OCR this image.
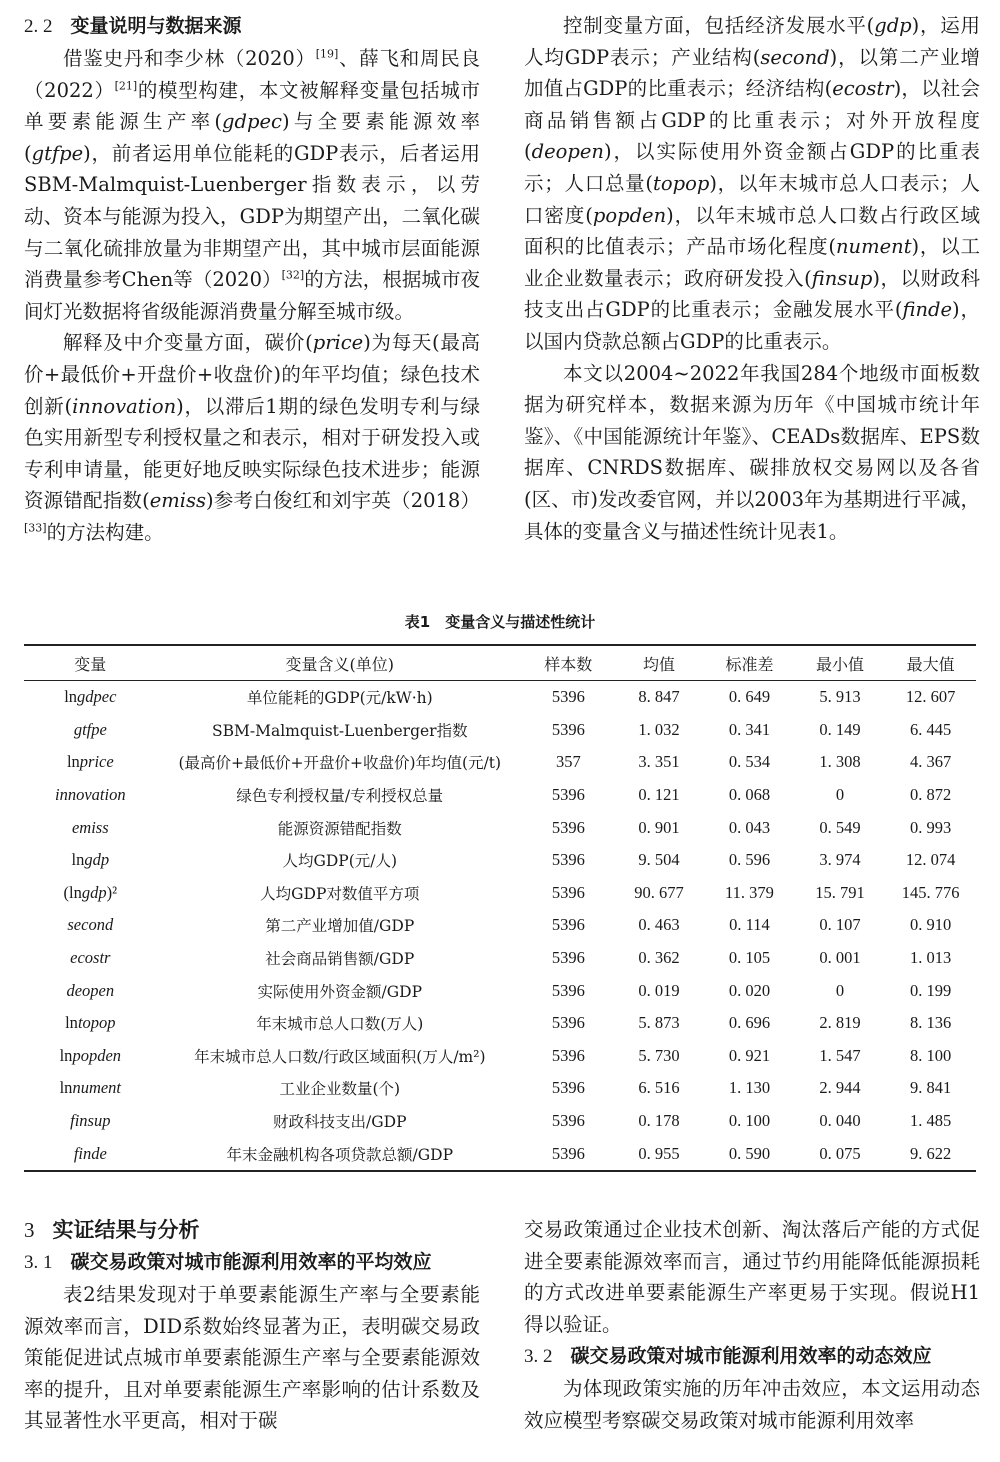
2. 2 变量说明与数据来源

借鉴史丹和李少林（2020）[19]、薛飞和周民良（2022）[21]的模型构建，本文被解释变量包括城市单要素能源生产率(gdpec)与全要素能源效率(gtfpe)，前者运用单位能耗的GDP表示，后者运用SBM-Malmquist-Luenberger指数表示，以劳动、资本与能源为投入，GDP为期望产出，二氧化碳与二氧化硫排放量为非期望产出，其中城市层面能源消费量参考Chen等（2020）[32]的方法，根据城市夜间灯光数据将省级能源消费量分解至城市级。

解释及中介变量方面，碳价(price)为每天(最高价+最低价+开盘价+收盘价)的年平均值；绿色技术创新(innovation)，以滞后1期的绿色发明专利与绿色实用新型专利授权量之和表示，相对于研发投入或专利申请量，能更好地反映实际绿色技术进步；能源资源错配指数(emiss)参考白俊红和刘宇英（2018）[33]的方法构建。

控制变量方面，包括经济发展水平(gdp)，运用人均GDP表示；产业结构(second)，以第二产业增加值占GDP的比重表示；经济结构(ecostr)，以社会商品销售额占GDP的比重表示；对外开放程度(deopen)，以实际使用外资金额占GDP的比重表示；人口总量(topop)，以年末城市总人口表示；人口密度(popden)，以年末城市总人口数占行政区域面积的比值表示；产品市场化程度(nument)，以工业企业数量表示；政府研发投入(finsup)，以财政科技支出占GDP的比重表示；金融发展水平(finde)，以国内贷款总额占GDP的比重表示。

本文以2004~2022年我国284个地级市面板数据为研究样本，数据来源为历年《中国城市统计年鉴》、《中国能源统计年鉴》、CEADs数据库、EPS数据库、CNRDS数据库、碳排放权交易网以及各省(区、市)发改委官网，并以2003年为基期进行平减，具体的变量含义与描述性统计见表1。

表1　变量含义与描述性统计
变量	变量含义(单位)	样本数	均值	标准差	最小值	最大值
lngdpec	单位能耗的GDP(元/kW·h)	5396	8. 847	0. 649	5. 913	12. 607
gtfpe	SBM-Malmquist-Luenberger指数	5396	1. 032	0. 341	0. 149	6. 445
lnprice	(最高价+最低价+开盘价+收盘价)年均值(元/t)	357	3. 351	0. 534	1. 308	4. 367
innovation	绿色专利授权量/专利授权总量	5396	0. 121	0. 068	0	0. 872
emiss	能源资源错配指数	5396	0. 901	0. 043	0. 549	0. 993
lngdp	人均GDP(元/人)	5396	9. 504	0. 596	3. 974	12. 074
(lngdp)²	人均GDP对数值平方项	5396	90. 677	11. 379	15. 791	145. 776
second	第二产业增加值/GDP	5396	0. 463	0. 114	0. 107	0. 910
ecostr	社会商品销售额/GDP	5396	0. 362	0. 105	0. 001	1. 013
deopen	实际使用外资金额/GDP	5396	0. 019	0. 020	0	0. 199
lntopop	年末城市总人口数(万人)	5396	5. 873	0. 696	2. 819	8. 136
lnpopden	年末城市总人口数/行政区域面积(万人/m²)	5396	5. 730	0. 921	1. 547	8. 100
lnnument	工业企业数量(个)	5396	6. 516	1. 130	2. 944	9. 841
finsup	财政科技支出/GDP	5396	0. 178	0. 100	0. 040	1. 485
finde	年末金融机构各项贷款总额/GDP	5396	0. 955	0. 590	0. 075	9. 622
3 实证结果与分析
3. 1 碳交易政策对城市能源利用效率的平均效应

表2结果发现对于单要素能源生产率与全要素能源效率而言，DID系数始终显著为正，表明碳交易政策能促进试点城市单要素能源生产率与全要素能源效率的提升，且对单要素能源生产率影响的估计系数及其显著性水平更高，相对于碳

交易政策通过企业技术创新、淘汰落后产能的方式促进全要素能源效率而言，通过节约用能降低能源损耗的方式改进单要素能源生产率更易于实现。假说H1得以验证。

3. 2 碳交易政策对城市能源利用效率的动态效应

为体现政策实施的历年冲击效应，本文运用动态效应模型考察碳交易政策对城市能源利用效率
